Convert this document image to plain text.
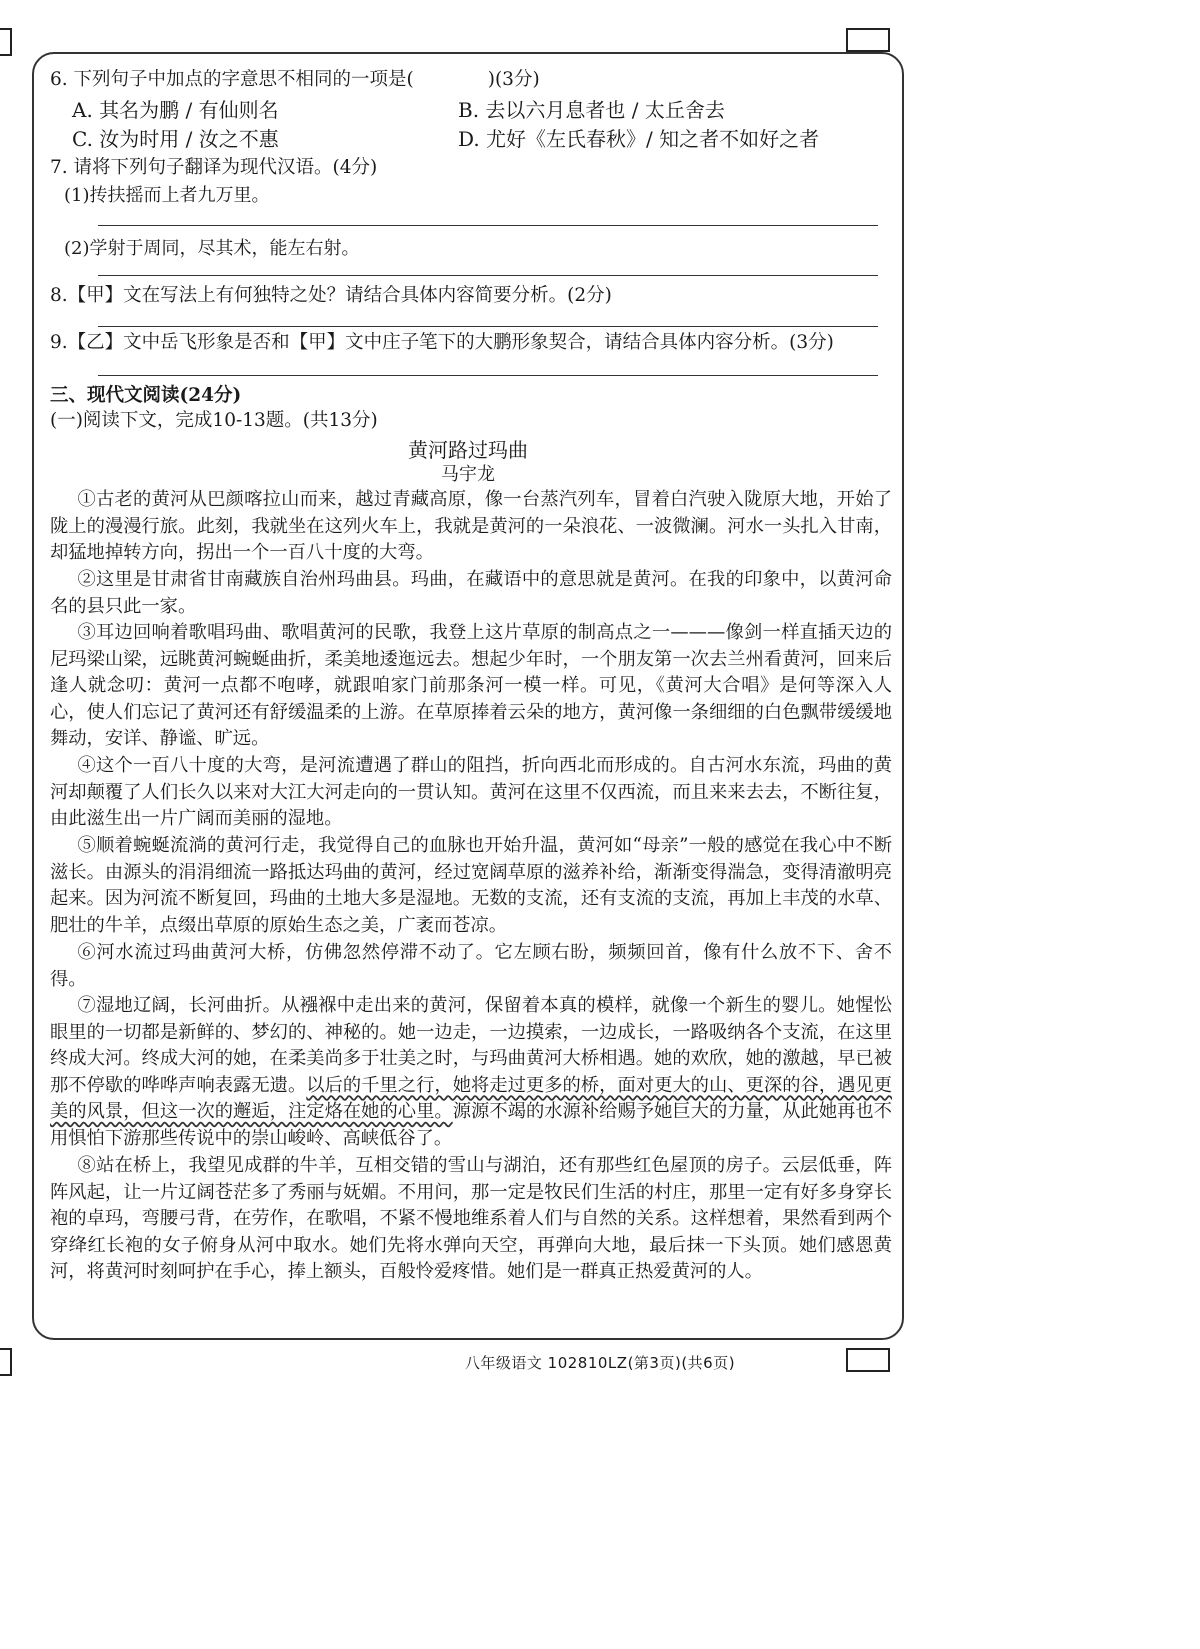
6. 下列句子中加点的字意思不相同的一项是(　　　　)(3分)
A. 其名为鹏 / 有仙则名	B. 去以六月息者也 / 太丘舍去
C. 汝为时用 / 汝之不惠	D. 尤好《左氏春秋》/ 知之者不如好之者
7. 请将下列句子翻译为现代汉语。(4分)
(1)抟扶摇而上者九万里。
(2)学射于周同，尽其术，能左右射。
8.【甲】文在写法上有何独特之处？请结合具体内容简要分析。(2分)
9.【乙】文中岳飞形象是否和【甲】文中庄子笔下的大鹏形象契合，请结合具体内容分析。(3分)
三、现代文阅读(24分)
(一)阅读下文，完成10-13题。(共13分)
黄河路过玛曲
马宇龙
①古老的黄河从巴颜喀拉山而来，越过青藏高原，像一台蒸汽列车，冒着白汽驶入陇原大地，开始了陇上的漫漫行旅。此刻，我就坐在这列火车上，我就是黄河的一朵浪花、一波微澜。河水一头扎入甘南，却猛地掉转方向，拐出一个一百八十度的大弯。
②这里是甘肃省甘南藏族自治州玛曲县。玛曲，在藏语中的意思就是黄河。在我的印象中，以黄河命名的县只此一家。
③耳边回响着歌唱玛曲、歌唱黄河的民歌，我登上这片草原的制高点之一———像剑一样直插天边的尼玛梁山梁，远眺黄河蜿蜒曲折，柔美地逶迤远去。想起少年时，一个朋友第一次去兰州看黄河，回来后逢人就念叨：黄河一点都不咆哮，就跟咱家门前那条河一模一样。可见，《黄河大合唱》是何等深入人心，使人们忘记了黄河还有舒缓温柔的上游。在草原捧着云朵的地方，黄河像一条细细的白色飘带缓缓地舞动，安详、静谧、旷远。
④这个一百八十度的大弯，是河流遭遇了群山的阻挡，折向西北而形成的。自古河水东流，玛曲的黄河却颠覆了人们长久以来对大江大河走向的一贯认知。黄河在这里不仅西流，而且来来去去，不断往复，由此滋生出一片广阔而美丽的湿地。
⑤顺着蜿蜒流淌的黄河行走，我觉得自己的血脉也开始升温，黄河如“母亲”一般的感觉在我心中不断滋长。由源头的涓涓细流一路抵达玛曲的黄河，经过宽阔草原的滋养补给，渐渐变得湍急，变得清澈明亮起来。因为河流不断复回，玛曲的土地大多是湿地。无数的支流，还有支流的支流，再加上丰茂的水草、肥壮的牛羊，点缀出草原的原始生态之美，广袤而苍凉。
⑥河水流过玛曲黄河大桥，仿佛忽然停滞不动了。它左顾右盼，频频回首，像有什么放不下、舍不得。
⑦湿地辽阔，长河曲折。从襁褓中走出来的黄河，保留着本真的模样，就像一个新生的婴儿。她惺忪眼里的一切都是新鲜的、梦幻的、神秘的。她一边走，一边摸索，一边成长，一路吸纳各个支流，在这里终成大河。终成大河的她，在柔美尚多于壮美之时，与玛曲黄河大桥相遇。她的欢欣，她的激越，早已被那不停歇的哗哗声响表露无遗。以后的千里之行，她将走过更多的桥，面对更大的山、更深的谷，遇见更美的风景，但这一次的邂逅，注定烙在她的心里。源源不竭的水源补给赐予她巨大的力量，从此她再也不用惧怕下游那些传说中的崇山峻岭、高峡低谷了。
⑧站在桥上，我望见成群的牛羊，互相交错的雪山与湖泊，还有那些红色屋顶的房子。云层低垂，阵阵风起，让一片辽阔苍茫多了秀丽与妩媚。不用问，那一定是牧民们生活的村庄，那里一定有好多身穿长袍的卓玛，弯腰弓背，在劳作，在歌唱，不紧不慢地维系着人们与自然的关系。这样想着，果然看到两个穿绛红长袍的女子俯身从河中取水。她们先将水弹向天空，再弹向大地，最后抹一下头顶。她们感恩黄河，将黄河时刻呵护在手心，捧上额头，百般怜爱疼惜。她们是一群真正热爱黄河的人。
八年级语文 102810LZ(第3页)(共6页)
